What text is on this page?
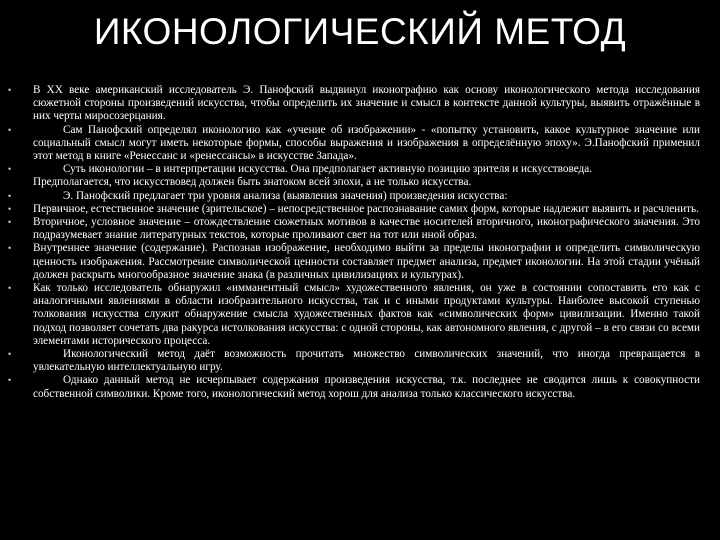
ИКОНОЛОГИЧЕСКИЙ МЕТОД
• В XX веке американский исследователь Э. Панофский выдвинул иконографию как основу иконологического метода исследования сюжетной стороны произведений искусства, чтобы определить их значение и смысл в контексте данной культуры, выявить отражённые в них черты миросозерцания.
•	Сам Панофский определял иконологию как «учение об изображении» - «попытку установить, какое культурное значение или социальный смысл могут иметь некоторые формы, способы выражения и изображения в определённую эпоху». Э.Панофский применил этот метод в книге «Ренессанс и «ренессансы» в искусстве Запада».
•	Суть иконологии – в интерпретации искусства. Она предполагает активную позицию зрителя и искусствоведа.
Предполагается, что искусствовед должен быть знатоком всей эпохи, а не только искусства.
•	Э. Панофский предлагает три уровня анализа (выявления значения) произведения искусства:
• Первичное, естественное значение (зрительское) – непосредственное распознавание самих форм, которые надлежит выявить и расчленить.
• Вторичное, условное значение – отождествление сюжетных мотивов в качестве носителей вторичного, иконографического значения. Это подразумевает знание литературных текстов, которые проливают свет на тот или иной образ.
• Внутреннее значение (содержание). Распознав изображение, необходимо выйти за пределы иконографии и определить символическую ценность изображения. Рассмотрение символической ценности составляет предмет анализа, предмет иконологии. На этой стадии учёный должен раскрыть многообразное значение знака (в различных цивилизациях и культурах).
• Как только исследователь обнаружил «имманентный смысл» художественного явления, он уже в состоянии сопоставить его как с аналогичными явлениями в области изобразительного искусства, так и с иными продуктами культуры. Наиболее высокой ступенью толкования искусства служит обнаружение смысла художественных фактов как «символических форм» цивилизации. Именно такой подход позволяет сочетать два ракурса истолкования искусства: с одной стороны, как автономного явления, с другой – в его связи со всеми элементами исторического процесса.
•	Иконологический метод даёт возможность прочитать множество символических значений, что иногда превращается в увлекательную интеллектуальную игру.
•	Однако данный метод не исчерпывает содержания произведения искусства, т.к. последнее не сводится лишь к совокупности собственной символики. Кроме того, иконологический метод хорош для анализа только классического искусства.
